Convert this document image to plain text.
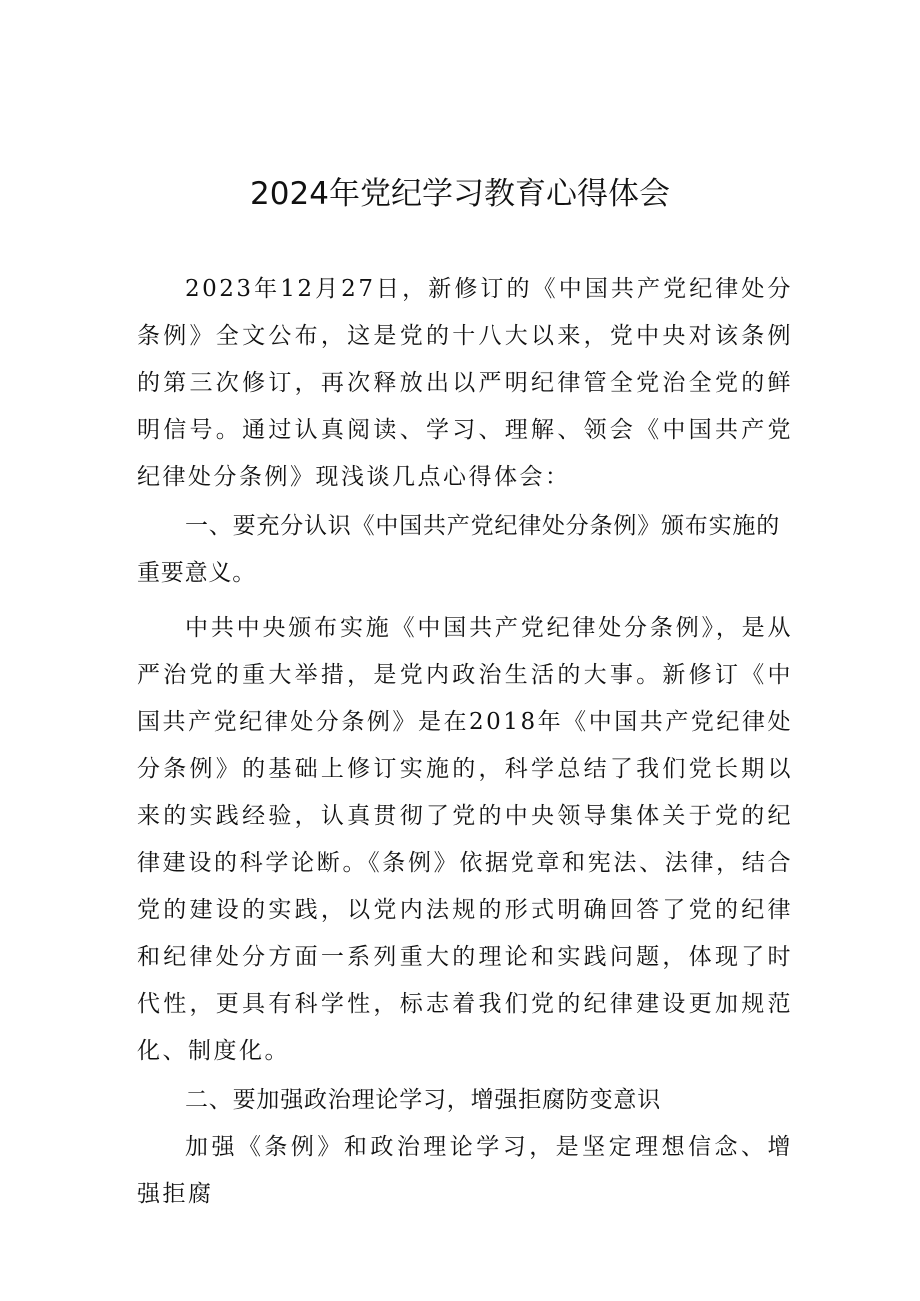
2024年党纪学习教育心得体会

2023年12月27日，新修订的《中国共产党纪律处分条例》全文公布，这是党的十八大以来，党中央对该条例的第三次修订，再次释放出以严明纪律管全党治全党的鲜明信号。通过认真阅读、学习、理解、领会《中国共产党纪律处分条例》现浅谈几点心得体会：

一、要充分认识《中国共产党纪律处分条例》颁布实施的重要意义。

中共中央颁布实施《中国共产党纪律处分条例》，是从严治党的重大举措，是党内政治生活的大事。新修订《中国共产党纪律处分条例》是在2018年《中国共产党纪律处分条例》的基础上修订实施的，科学总结了我们党长期以来的实践经验，认真贯彻了党的中央领导集体关于党的纪律建设的科学论断。《条例》依据党章和宪法、法律，结合党的建设的实践，以党内法规的形式明确回答了党的纪律和纪律处分方面一系列重大的理论和实践问题，体现了时代性，更具有科学性，标志着我们党的纪律建设更加规范化、制度化。

二、要加强政治理论学习，增强拒腐防变意识

加强《条例》和政治理论学习，是坚定理想信念、增强拒腐
